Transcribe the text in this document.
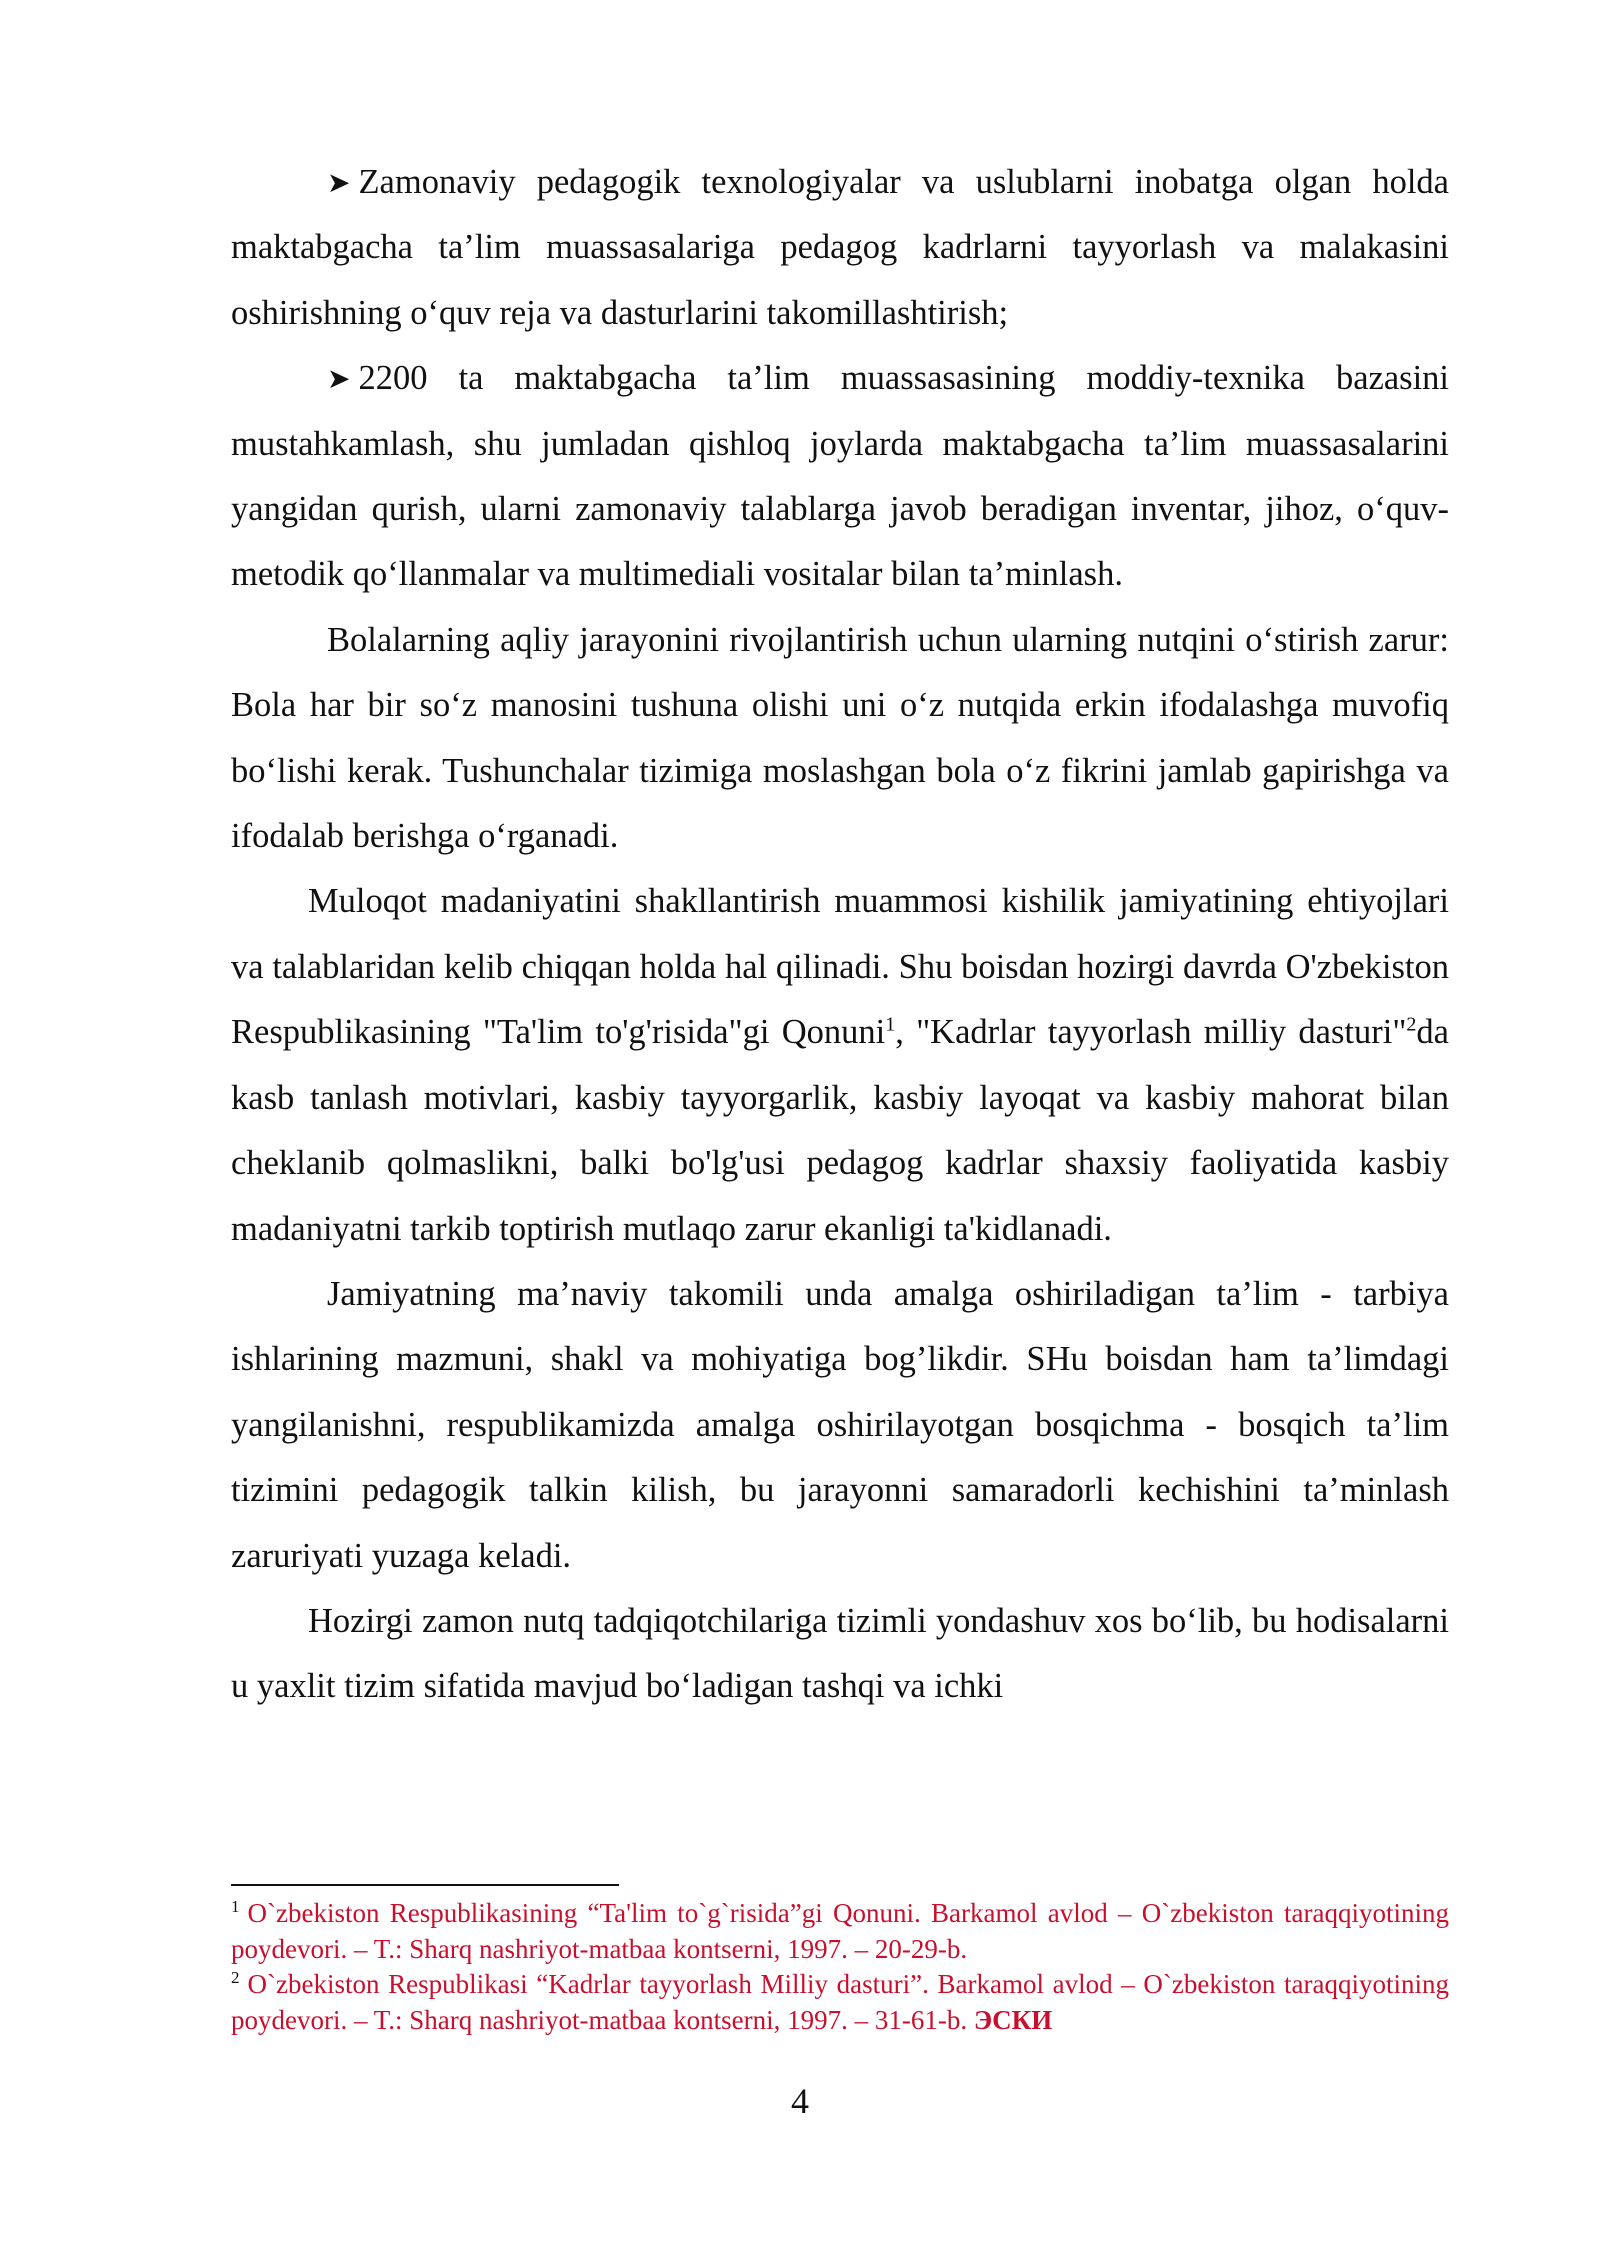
➤ Zamonaviy pedagogik texnologiyalar va uslublarni inobatga olgan holda maktabgacha ta’lim muassasalariga pedagog kadrlarni tayyorlash va malakasini oshirishning o‘quv reja va dasturlarini takomillashtirish;

➤ 2200 ta maktabgacha ta’lim muassasasining moddiy-texnika bazasini mustahkamlash, shu jumladan qishloq joylarda maktabgacha ta’lim muassasalarini yangidan qurish, ularni zamonaviy talablarga javob beradigan inventar, jihoz, o‘quv-metodik qo‘llanmalar va multimediali vositalar bilan ta’minlash.

Bolalarning aqliy jarayonini rivojlantirish uchun ularning nutqini o‘stirish zarur: Bola har bir so‘z manosini tushuna olishi uni o‘z nutqida erkin ifodalashga muvofiq bo‘lishi kerak. Tushunchalar tizimiga moslashgan bola o‘z fikrini jamlab gapirishga va ifodalab berishga o‘rganadi.

Muloqot madaniyatini shakllantirish muammosi kishilik jamiyatining ehtiyojlari va talablaridan kelib chiqqan holda hal qilinadi. Shu boisdan hozirgi davrda O'zbekiston Respublikasining "Ta'lim to'g'risida"gi Qonuni$^1$, "Kadrlar tayyorlash milliy dasturi"$^2$da kasb tanlash motivlari, kasbiy tayyorgarlik, kasbiy layoqat va kasbiy mahorat bilan cheklanib qolmaslikni, balki bo'lg'usi pedagog kadrlar shaxsiy faoliyatida kasbiy madaniyatni tarkib toptirish mutlaqo zarur ekanligi ta'kidlanadi.

Jamiyatning ma’naviy takomili unda amalga oshiriladigan ta’lim - tarbiya ishlarining mazmuni, shakl va mohiyatiga bog’likdir. SHu boisdan ham ta’limdagi yangilanishni, respublikamizda amalga oshirilayotgan bosqichma - bosqich ta’lim tizimini pedagogik talkin kilish, bu jarayonni samaradorli kechishini ta’minlash zaruriyati yuzaga keladi.

Hozirgi zamon nutq tadqiqotchilariga tizimli yondashuv xos bo‘lib, bu hodisalarni u yaxlit tizim sifatida mavjud bo‘ladigan tashqi va ichki

$^1$ O`zbekiston Respublikasining “Ta'lim to`g`risida”gi Qonuni. Barkamol avlod – O`zbekiston taraqqiyotining poydevori. – T.: Sharq nashriyot-matbaa kontserni, 1997. – 20-29-b.

$^2$ O`zbekiston Respublikasi “Kadrlar tayyorlash Milliy dasturi”. Barkamol avlod – O`zbekiston taraqqiyotining poydevori. – T.: Sharq nashriyot-matbaa kontserni, 1997. – 31-61-b. ЭСКИ

4
